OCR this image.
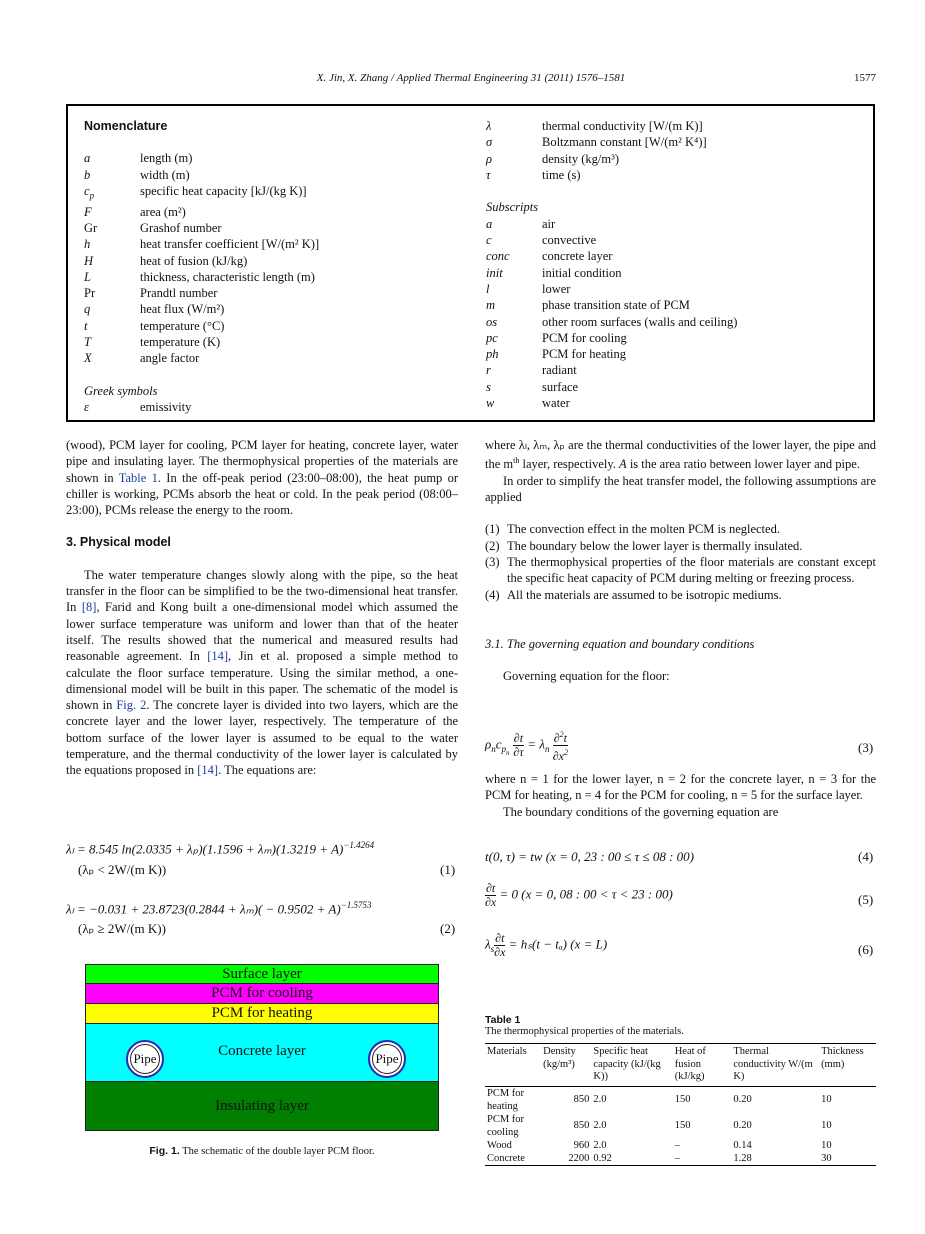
X. Jin, X. Zhang / Applied Thermal Engineering 31 (2011) 1576–1581	1577
Nomenclature
a	length (m)
b	width (m)
$c_p$	specific heat capacity [kJ/(kg K)]
F	area (m²)
Gr	Grashof number
h	heat transfer coefficient [W/(m² K)]
H	heat of fusion (kJ/kg)
L	thickness, characteristic length (m)
Pr	Prandtl number
q	heat flux (W/m²)
t	temperature (°C)
T	temperature (K)
X	angle factor
Greek symbols
ε	emissivity
λ	thermal conductivity [W/(m K)]
σ	Boltzmann constant [W/(m² K⁴)]
ρ	density (kg/m³)
τ	time (s)
Subscripts
a	air
c	convective
conc	concrete layer
init	initial condition
l	lower
m	phase transition state of PCM
os	other room surfaces (walls and ceiling)
pc	PCM for cooling
ph	PCM for heating
r	radiant
s	surface
w	water

(wood), PCM layer for cooling, PCM layer for heating, concrete layer, water pipe and insulating layer. The thermophysical properties of the materials are shown in Table 1. In the off-peak period (23:00–08:00), the heat pump or chiller is working, PCMs absorb the heat or cold. In the peak period (08:00–23:00), PCMs release the energy to the room.

3. Physical model

The water temperature changes slowly along with the pipe, so the heat transfer in the floor can be simplified to be the two-dimensional heat transfer. In [8], Farid and Kong built a one-dimensional model which assumed the lower surface temperature was uniform and lower than that of the heater itself. The results showed that the numerical and measured results had reasonable agreement. In [14], Jin et al. proposed a simple method to calculate the floor surface temperature. Using the similar method, a one-dimensional model will be built in this paper. The schematic of the model is shown in Fig. 2. The concrete layer is divided into two layers, which are the concrete layer and the lower layer, respectively. The temperature of the bottom surface of the lower layer is assumed to be equal to the water temperature, and the thermal conductivity of the lower layer is calculated by the equations proposed in [14]. The equations are:

λₗ = 8.545 $\ln(2.0335 + \lambda_p)(1.1596 + \lambda_m)(1.3219 + A)^{-1.4264}$
(λₚ < 2W/(m K))	(1)
$\lambda_l = -0.031 + 23.8723(0.2844 + \lambda_m)( - 0.9502 + A)^{-1.5753}$
(λₚ ≥ 2W/(m K))	(2)
Surface layer
PCM for cooling
PCM for heating
Concrete layer
Pipe	Pipe
Insulating layer
Fig. 1. The schematic of the double layer PCM floor.

where λₗ, λₘ, λₚ are the thermal conductivities of the lower layer, the pipe and the $m^{th}$ layer, respectively. A is the area ratio between lower layer and pipe.

In order to simplify the heat transfer model, the following assumptions are applied

(1) The convection effect in the molten PCM is neglected.
(2) The boundary below the lower layer is thermally insulated.
(3) The thermophysical properties of the floor materials are constant except the specific heat capacity of PCM during melting or freezing process.
(4) All the materials are assumed to be isotropic mediums.

3.1. The governing equation and boundary conditions

Governing equation for the floor:

$\rho_nc_{p_n} \frac{\partial t}{\partial\tau} = \lambda_n \frac{\partial^2t}{\partial x^2}$	(3)

where n = 1 for the lower layer, n = 2 for the concrete layer, n = 3 for the PCM for heating, n = 4 for the PCM for cooling, n = 5 for the surface layer.

The boundary conditions of the governing equation are

t(0, τ) = tw (x = 0, 23 : 00 ≤ τ ≤ 08 : 00)	(4)
$\frac{\partial t}{\partial x} = 0$ (x = 0, 08 : 00 < τ < 23 : 00)	(5)
$\lambda_s \frac{\partial t}{\partial x} = h_s(t - t_a) (x = L)$	(6)
Table 1
The thermophysical properties of the materials.
Materials	Density (kg/m³)	Specific heat capacity (kJ/(kg K))	Heat of fusion (kJ/kg)	Thermal conductivity W/(m K)	Thickness (mm)
PCM for heating	850	2.0	150	0.20	10
PCM for cooling	850	2.0	150	0.20	10
Wood	960	2.0	–	0.14	10
Concrete	2200	0.92	–	1.28	30
